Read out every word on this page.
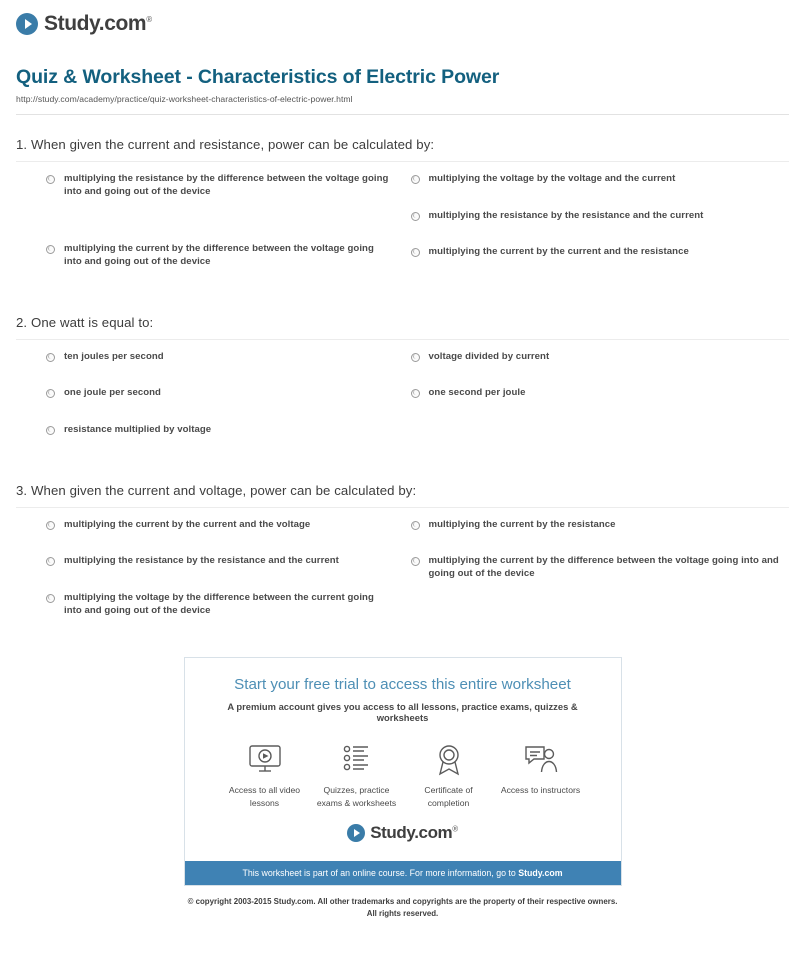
Study.com®
Quiz & Worksheet - Characteristics of Electric Power
http://study.com/academy/practice/quiz-worksheet-characteristics-of-electric-power.html
1. When given the current and resistance, power can be calculated by:
multiplying the resistance by the difference between the voltage going into and going out of the device
multiplying the current by the difference between the voltage going into and going out of the device
multiplying the voltage by the voltage and the current
multiplying the resistance by the resistance and the current
multiplying the current by the current and the resistance
2. One watt is equal to:
ten joules per second
one joule per second
resistance multiplied by voltage
voltage divided by current
one second per joule
3. When given the current and voltage, power can be calculated by:
multiplying the current by the current and the voltage
multiplying the resistance by the resistance and the current
multiplying the voltage by the difference between the current going into and going out of the device
multiplying the current by the resistance
multiplying the current by the difference between the voltage going into and going out of the device
Start your free trial to access this entire worksheet
A premium account gives you access to all lessons, practice exams, quizzes & worksheets
Access to all video lessons
Quizzes, practice exams & worksheets
Certificate of completion
Access to instructors
Study.com®
This worksheet is part of an online course. For more information, go to Study.com
© copyright 2003-2015 Study.com. All other trademarks and copyrights are the property of their respective owners.
All rights reserved.
